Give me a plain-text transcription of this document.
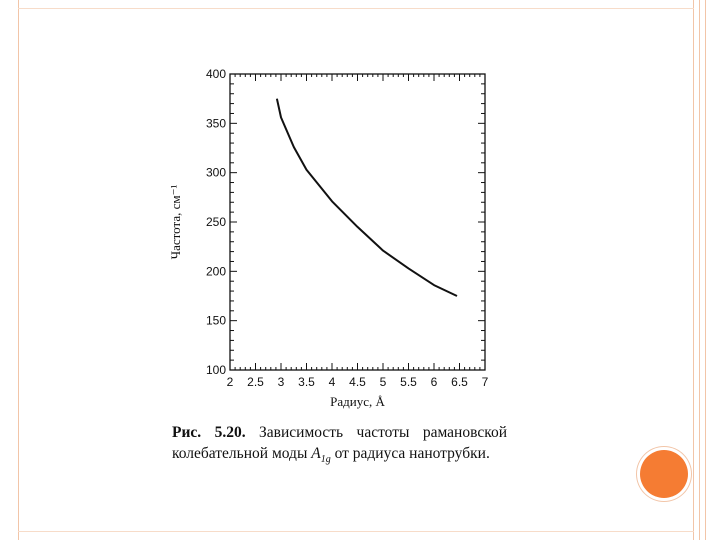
100
150
200
250
300
350
400
2 2.5 3 3.5 4 4.5 5 5.5 6 6.5 7
Радиус, Å
Частота, см⁻¹
Рис. 5.20. Зависимость частоты рамановской колебательной моды $A_{1g}$ от радиуса нанотрубки.
